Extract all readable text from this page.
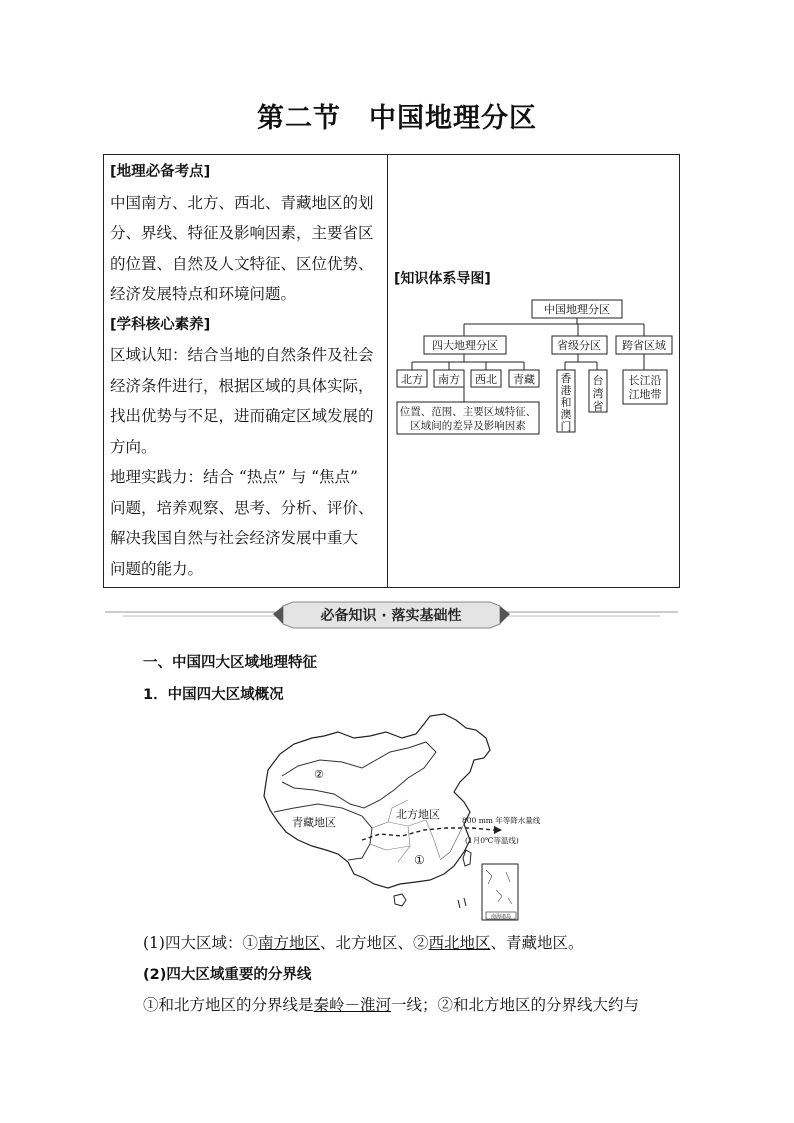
第二节 中国地理分区

[地理必备考点]

中国南方、北方、西北、青藏地区的划

分、界线、特征及影响因素，主要省区

的位置、自然及人文特征、区位优势、

经济发展特点和环境问题。

[学科核心素养]

区域认知：结合当地的自然条件及社会

经济条件进行，根据区域的具体实际，

找出优势与不足，进而确定区域发展的

方向。

地理实践力：结合 “热点” 与 “焦点”

问题，培养观察、思考、分析、评价、

解决我国自然与社会经济发展中重大

问题的能力。

[知识体系导图]
中国地理分区
四大地理分区	省级分区 跨省区域
北方 南方 西北 青藏
位置、范围、主要区域特征、
区域间的差异及影响因素
香
港
和
澳
门
台
湾
省
长江沿
江地带
必备知识 · 落实基础性
一、中国四大区域地理特征
1．中国四大区域概况
南海诸岛
②
①
青藏地区
北方地区	800 mm 年等降水量线
(1月0℃等温线)
(1)四大区域：①南方地区、北方地区、②西北地区、青藏地区。
(2)四大区域重要的分界线
①和北方地区的分界线是秦岭－淮河一线；②和北方地区的分界线大约与
